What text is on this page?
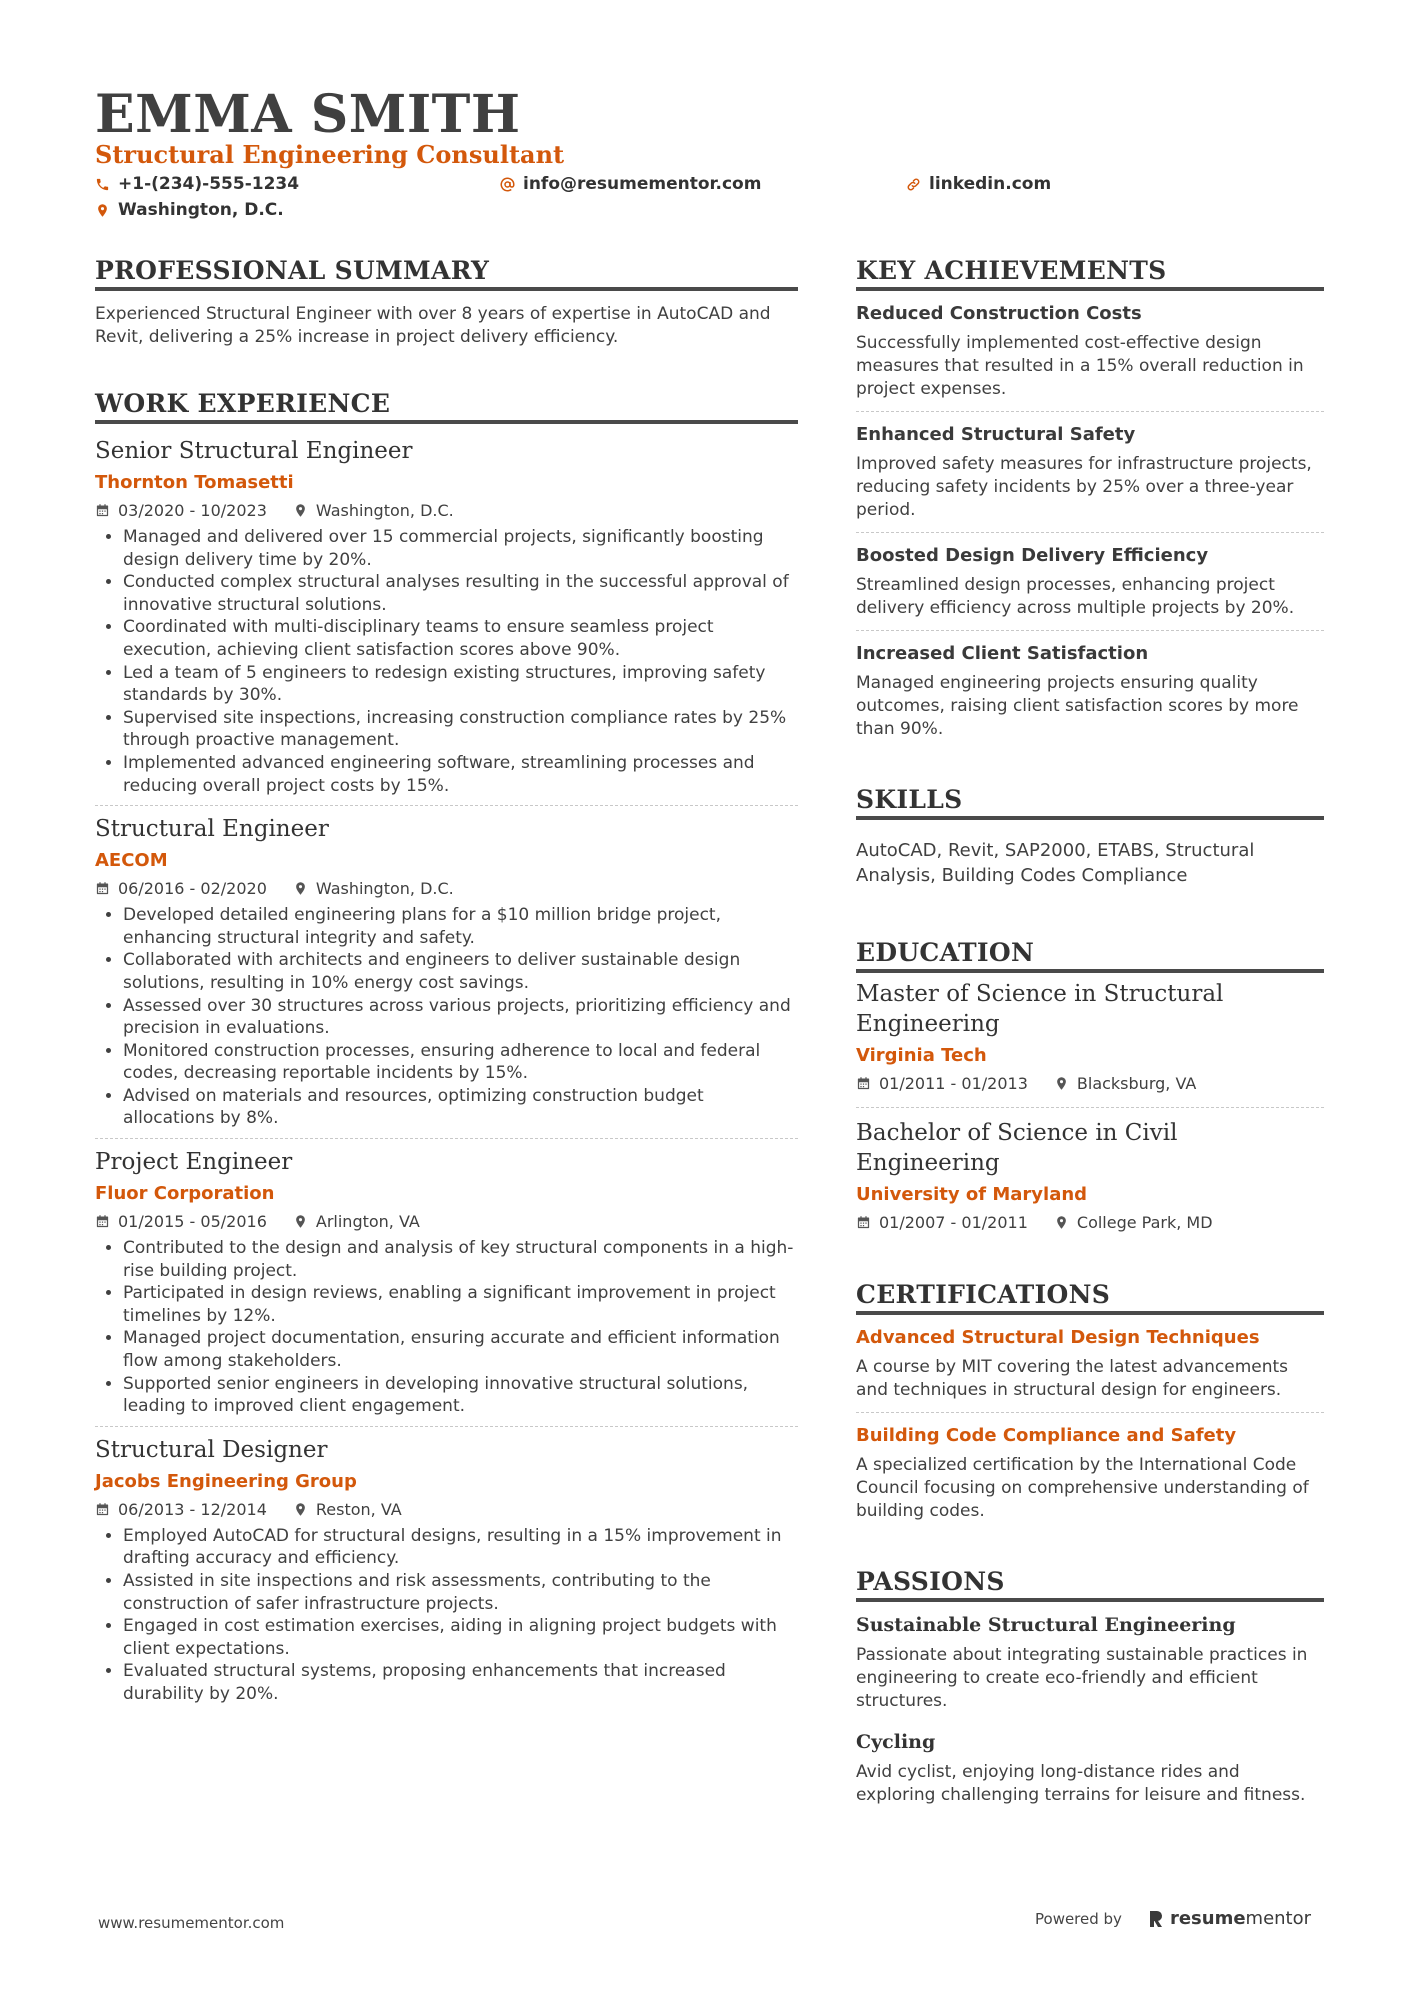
EMMA SMITH
Structural Engineering Consultant
+1-(234)-555-1234	info@resumementor.com	linkedin.com
Washington, D.C.
PROFESSIONAL SUMMARY

Experienced Structural Engineer with over 8 years of expertise in AutoCAD and Revit, delivering a 25% increase in project delivery efficiency.

WORK EXPERIENCE
Senior Structural Engineer
Thornton Tomasetti
03/2020 - 10/2023	Washington, D.C.
• Managed and delivered over 15 commercial projects, significantly boosting design delivery time by 20%.
• Conducted complex structural analyses resulting in the successful approval of innovative structural solutions.
• Coordinated with multi-disciplinary teams to ensure seamless project execution, achieving client satisfaction scores above 90%.
• Led a team of 5 engineers to redesign existing structures, improving safety standards by 30%.
• Supervised site inspections, increasing construction compliance rates by 25% through proactive management.
• Implemented advanced engineering software, streamlining processes and reducing overall project costs by 15%.
Structural Engineer
AECOM
06/2016 - 02/2020	Washington, D.C.
• Developed detailed engineering plans for a $10 million bridge project, enhancing structural integrity and safety.
• Collaborated with architects and engineers to deliver sustainable design solutions, resulting in 10% energy cost savings.
• Assessed over 30 structures across various projects, prioritizing efficiency and precision in evaluations.
• Monitored construction processes, ensuring adherence to local and federal codes, decreasing reportable incidents by 15%.
• Advised on materials and resources, optimizing construction budget allocations by 8%.
Project Engineer
Fluor Corporation
01/2015 - 05/2016	Arlington, VA
• Contributed to the design and analysis of key structural components in a high-rise building project.
• Participated in design reviews, enabling a significant improvement in project timelines by 12%.
• Managed project documentation, ensuring accurate and efficient information flow among stakeholders.
• Supported senior engineers in developing innovative structural solutions, leading to improved client engagement.
Structural Designer
Jacobs Engineering Group
06/2013 - 12/2014	Reston, VA
• Employed AutoCAD for structural designs, resulting in a 15% improvement in drafting accuracy and efficiency.
• Assisted in site inspections and risk assessments, contributing to the construction of safer infrastructure projects.
• Engaged in cost estimation exercises, aiding in aligning project budgets with client expectations.
• Evaluated structural systems, proposing enhancements that increased durability by 20%.
KEY ACHIEVEMENTS
Reduced Construction Costs

Successfully implemented cost-effective design measures that resulted in a 15% overall reduction in project expenses.

Enhanced Structural Safety

Improved safety measures for infrastructure projects, reducing safety incidents by 25% over a three-year period.

Boosted Design Delivery Efficiency

Streamlined design processes, enhancing project delivery efficiency across multiple projects by 20%.

Increased Client Satisfaction

Managed engineering projects ensuring quality outcomes, raising client satisfaction scores by more than 90%.

SKILLS

AutoCAD, Revit, SAP2000, ETABS, Structural Analysis, Building Codes Compliance

EDUCATION
Master of Science in Structural Engineering
Virginia Tech
01/2011 - 01/2013	Blacksburg, VA
Bachelor of Science in Civil Engineering
University of Maryland
01/2007 - 01/2011	College Park, MD
CERTIFICATIONS
Advanced Structural Design Techniques

A course by MIT covering the latest advancements and techniques in structural design for engineers.

Building Code Compliance and Safety

A specialized certification by the International Code Council focusing on comprehensive understanding of building codes.

PASSIONS
Sustainable Structural Engineering

Passionate about integrating sustainable practices in engineering to create eco-friendly and efficient structures.

Cycling

Avid cyclist, enjoying long-distance rides and exploring challenging terrains for leisure and fitness.

www.resumementor.com	Powered by	resumementor
